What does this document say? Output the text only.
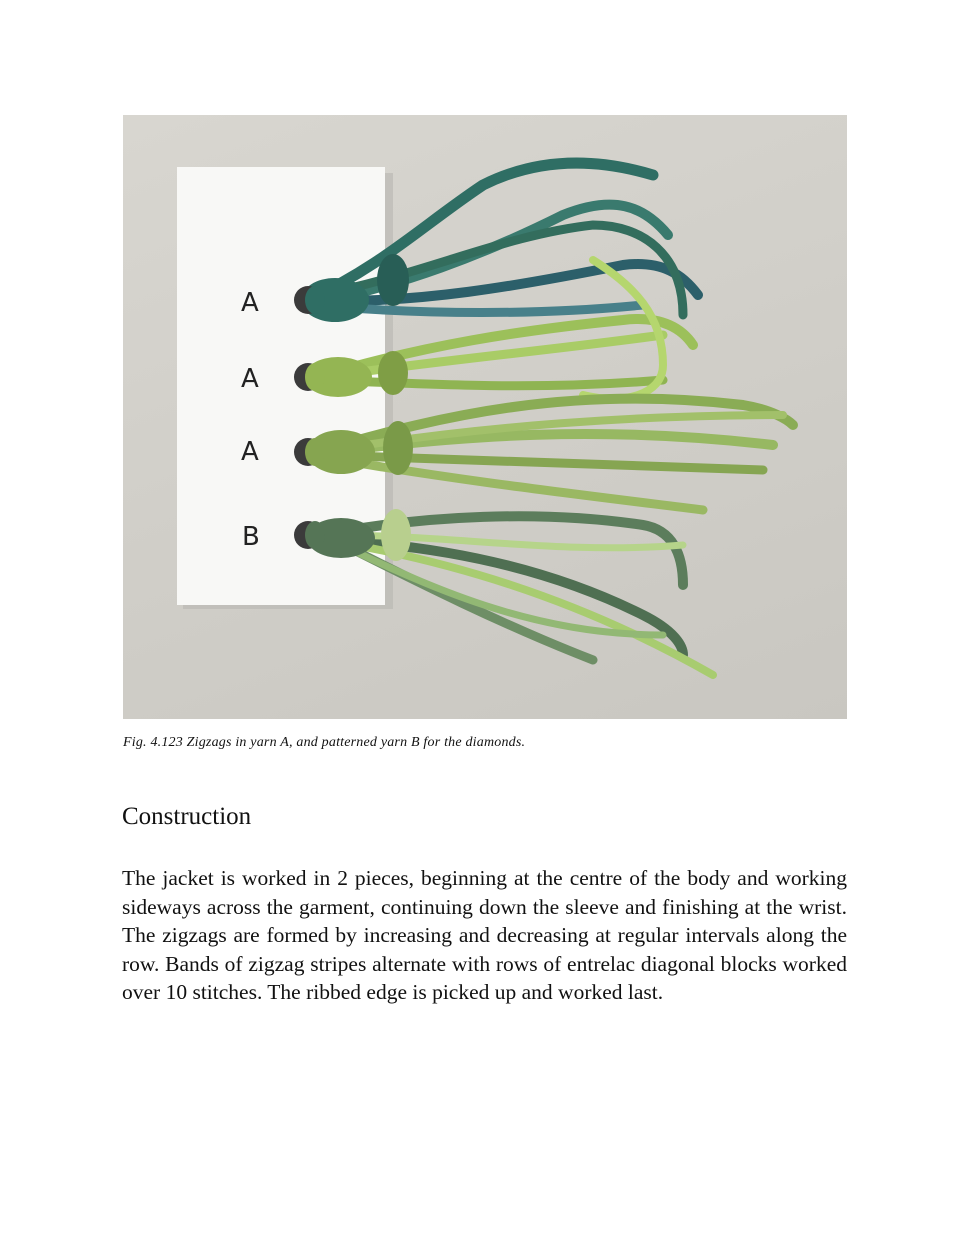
A
A
A
B
Fig. 4.123 Zigzags in yarn A, and patterned yarn B for the diamonds.
Construction
The jacket is worked in 2 pieces, beginning at the centre of the body and working sideways across the garment, continuing down the sleeve and finishing at the wrist. The zigzags are formed by increasing and decreasing at regular intervals along the row. Bands of zigzag stripes alternate with rows of entrelac diagonal blocks worked over 10 stitches. The ribbed edge is picked up and worked last.
